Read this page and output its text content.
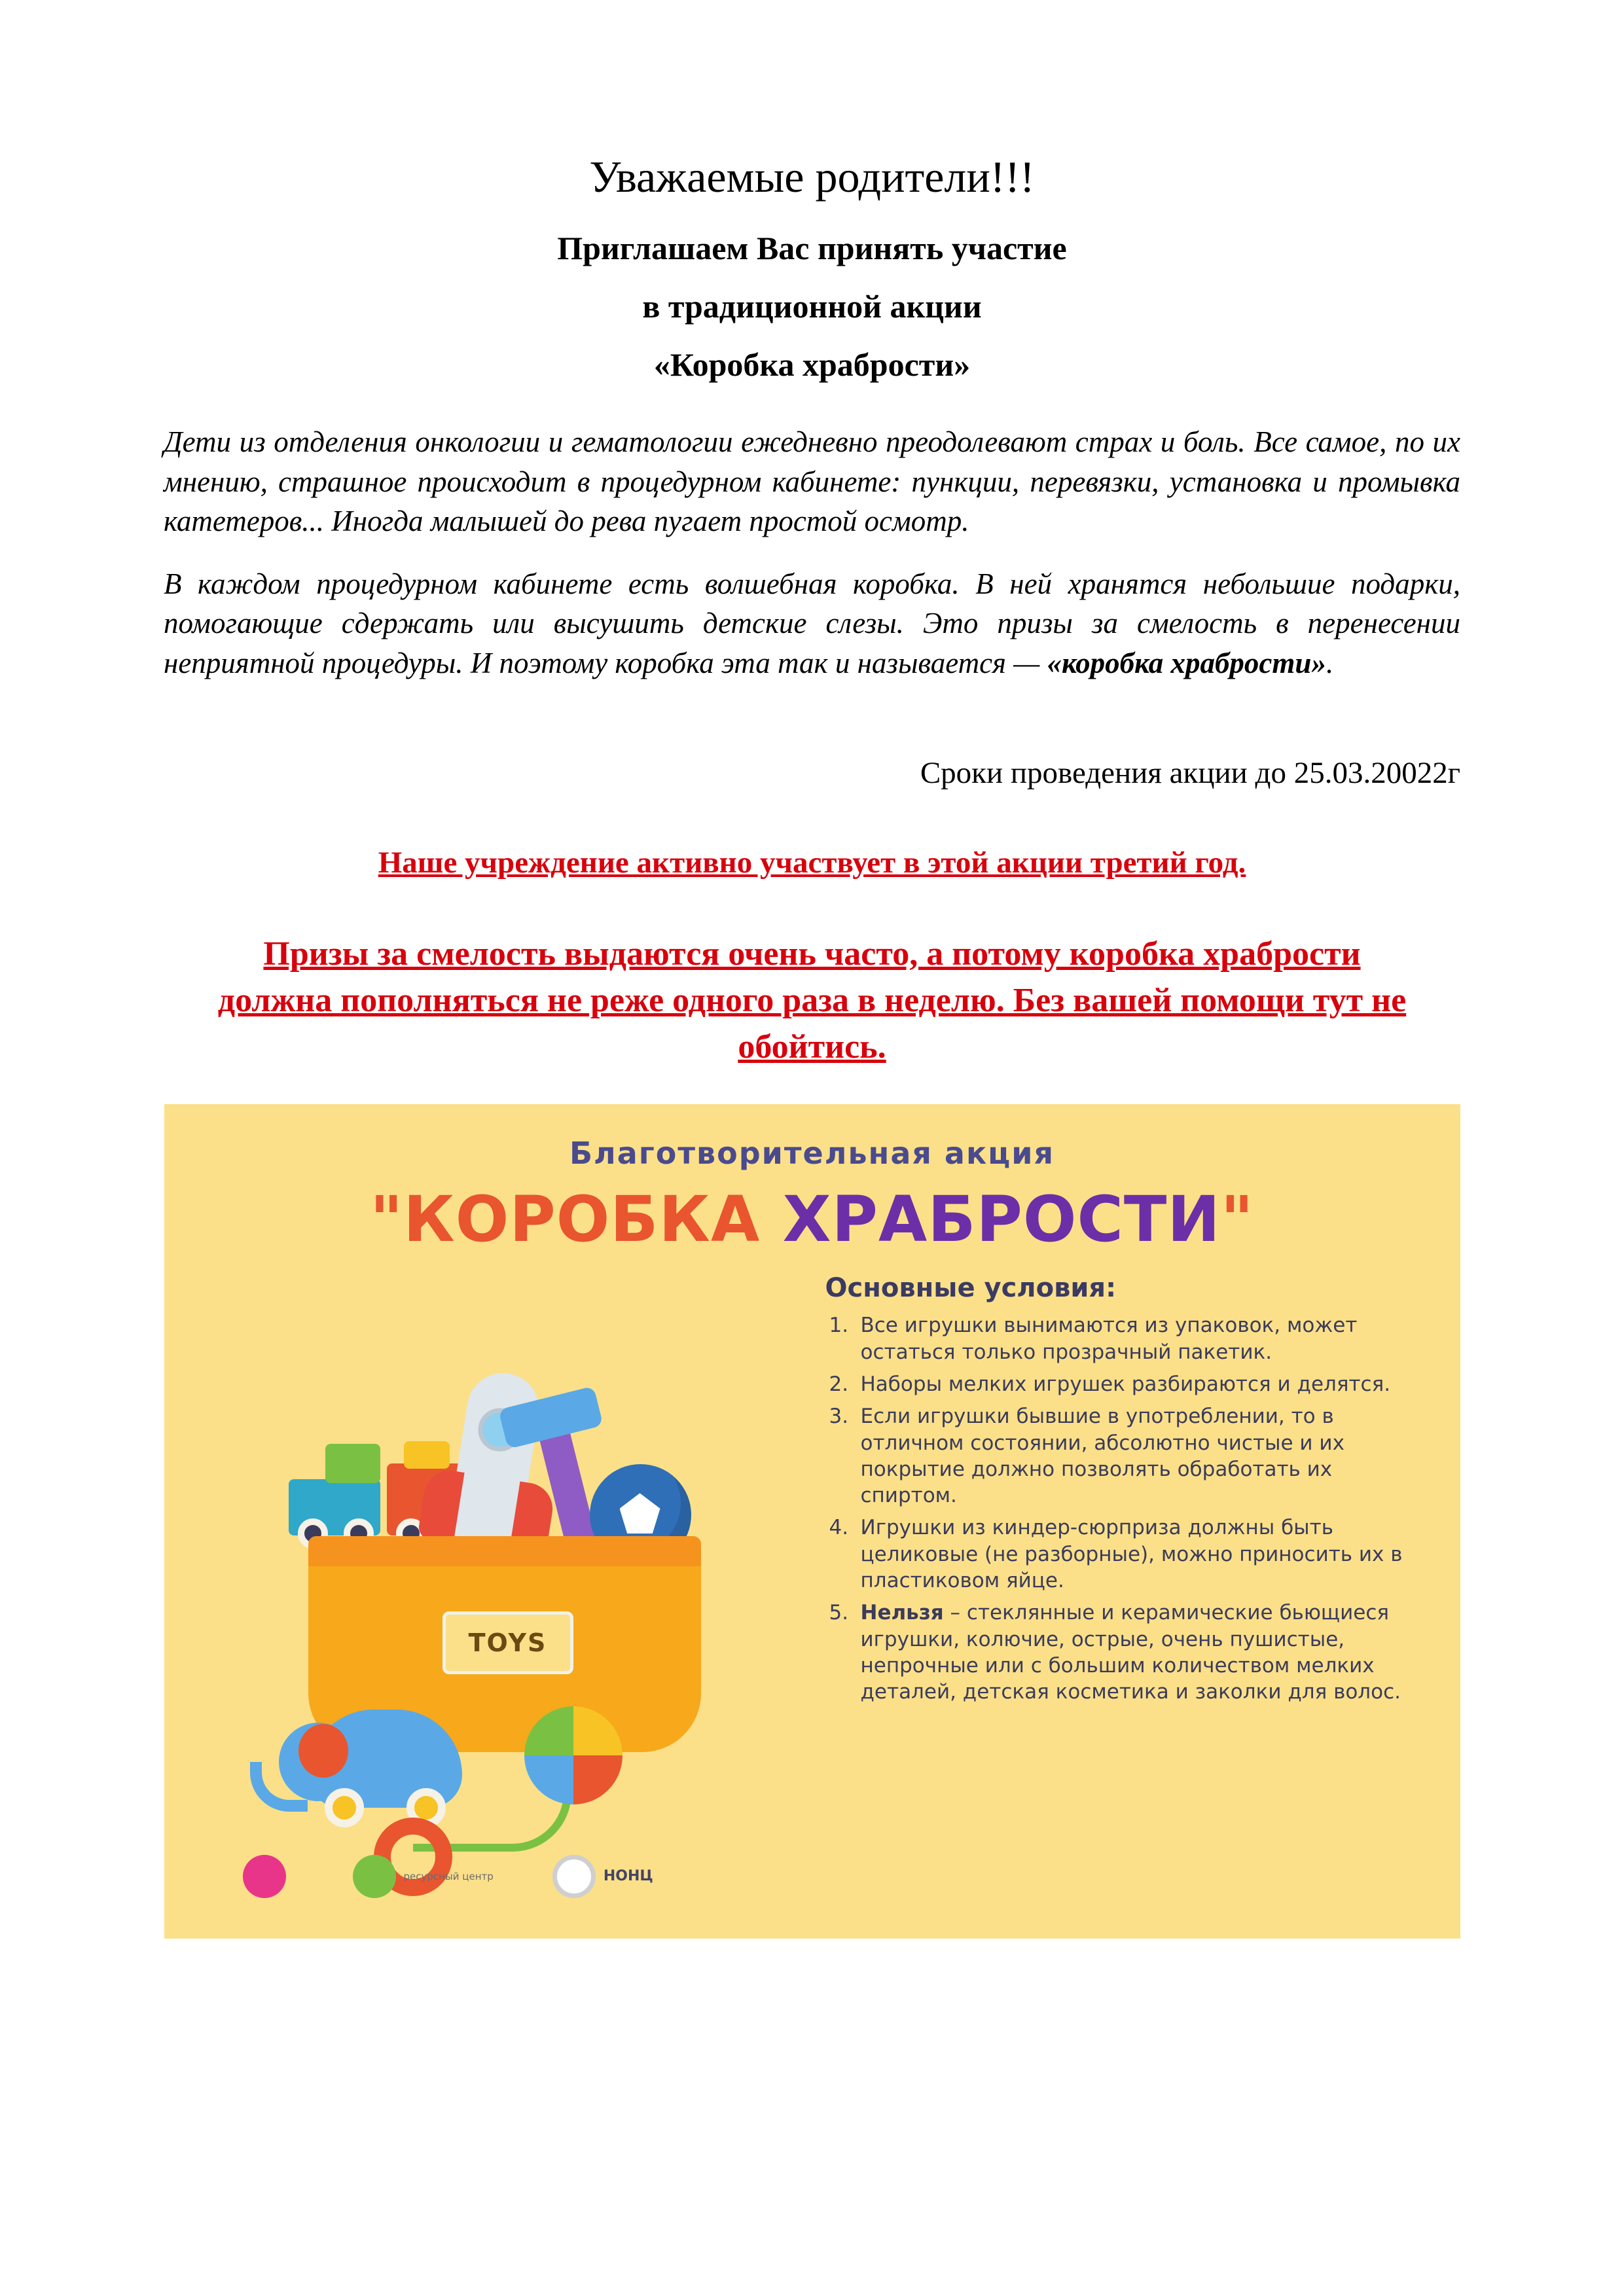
Уважаемые родители!!!

Приглашаем Вас принять участие

в традиционной акции

«Коробка храбрости»

Дети из отделения онкологии и гематологии ежедневно преодолевают страх и боль. Все самое, по их мнению, страшное происходит в процедурном кабинете: пункции, перевязки, установка и промывка катетеров... Иногда малышей до рева пугает простой осмотр.

В каждом процедурном кабинете есть волшебная коробка. В ней хранятся небольшие подарки, помогающие сдержать или высушить детские слезы. Это призы за смелость в перенесении неприятной процедуры. И поэтому коробка эта так и называется — «коробка храбрости».

Сроки проведения акции до 25.03.20022г

Наше учреждение активно участвует в этой акции третий год.

Призы за смелость выдаются очень часто, а потому коробка храбрости должна пополняться не реже одного раза в неделю. Без вашей помощи тут не обойтись.

Благотворительная акция
"КОРОБКА ХРАБРОСТИ"
TOYS
Основные условия:
Все игрушки вынимаются из упаковок, может остаться только прозрачный пакетик.
Наборы мелких игрушек разбираются и делятся.
Если игрушки бывшие в употреблении, то в отличном состоянии, абсолютно чистые и их покрытие должно позволять обработать их спиртом.
Игрушки из киндер-сюрприза должны быть целиковые (не разборные), можно приносить их в пластиковом яйце.
Нельзя – стеклянные и керамические бьющиеся игрушки, колючие, острые, очень пушистые, непрочные или с большим количеством мелких деталей, детская косметика и заколки для волос.
ресурсный центр	НОНЦ
